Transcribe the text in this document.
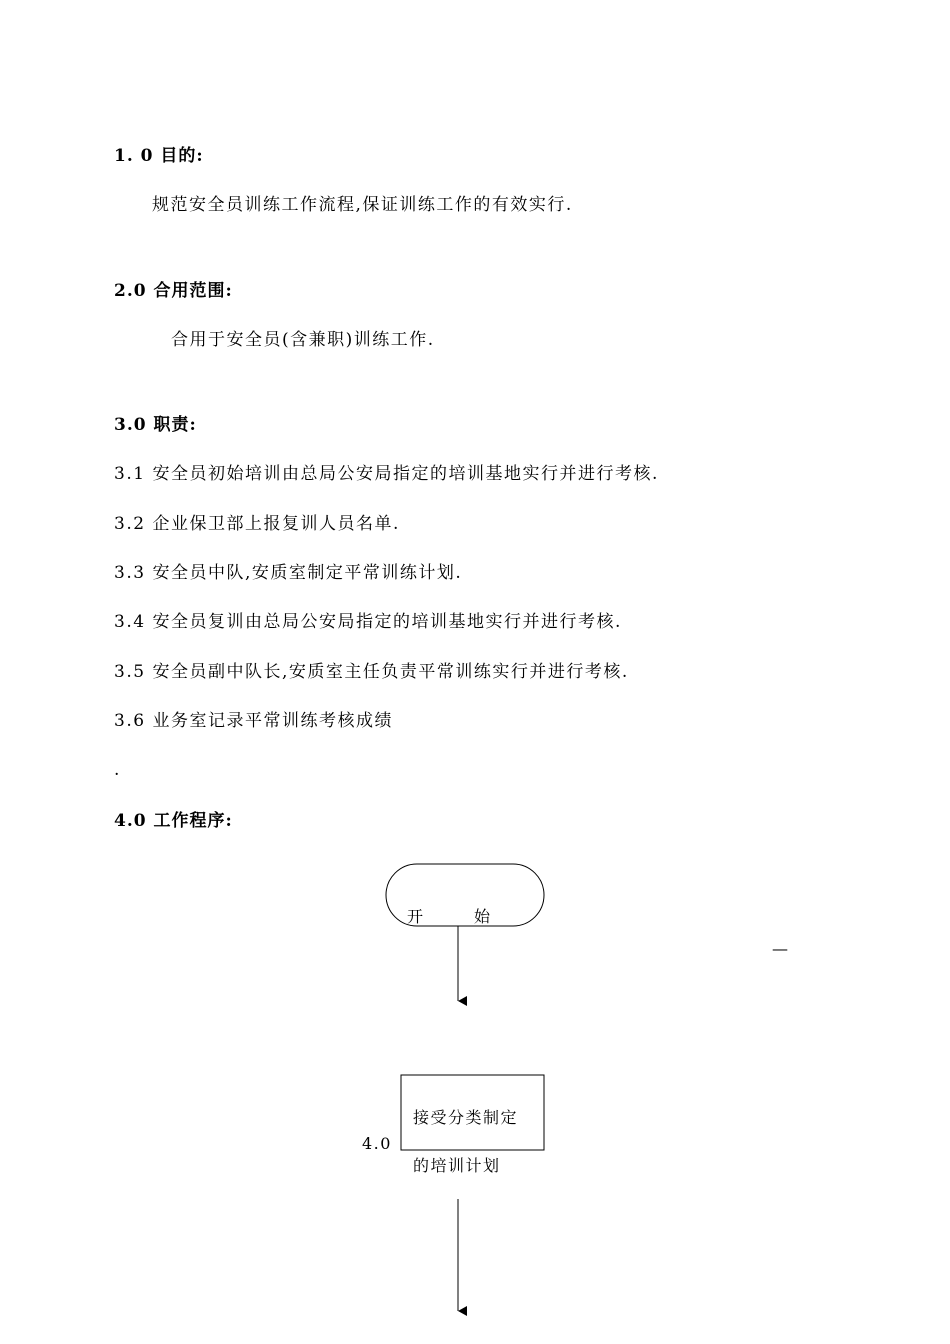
1. 0 目的:
规范安全员训练工作流程,保证训练工作的有效实行.
2.0 合用范围:
合用于安全员(含兼职)训练工作.
3.0 职责:
3.1 安全员初始培训由总局公安局指定的培训基地实行并进行考核.
3.2 企业保卫部上报复训人员名单.
3.3 安全员中队,安质室制定平常训练计划.
3.4 安全员复训由总局公安局指定的培训基地实行并进行考核.
3.5 安全员副中队长,安质室主任负责平常训练实行并进行考核.
3.6 业务室记录平常训练考核成绩
.
4.0 工作程序:
开	始
—
接受分类制定
4.0
的培训计划
